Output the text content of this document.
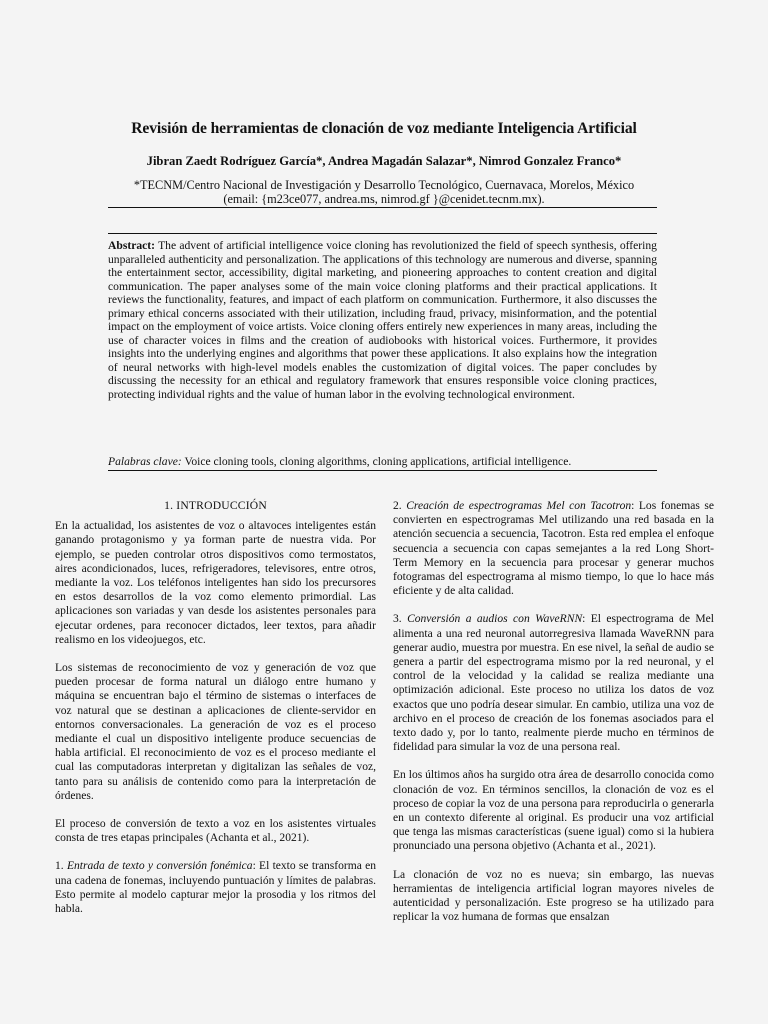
Revisión de herramientas de clonación de voz mediante Inteligencia Artificial
Jibran Zaedt Rodríguez García*, Andrea Magadán Salazar*, Nimrod Gonzalez Franco*
*TECNM/Centro Nacional de Investigación y Desarrollo Tecnológico, Cuernavaca, Morelos, México
(email: {m23ce077, andrea.ms, nimrod.gf }@cenidet.tecnm.mx).
Abstract: The advent of artificial intelligence voice cloning has revolutionized the field of speech synthesis, offering unparalleled authenticity and personalization. The applications of this technology are numerous and diverse, spanning the entertainment sector, accessibility, digital marketing, and pioneering approaches to content creation and digital communication. The paper analyses some of the main voice cloning platforms and their practical applications. It reviews the functionality, features, and impact of each platform on communication. Furthermore, it also discusses the primary ethical concerns associated with their utilization, including fraud, privacy, misinformation, and the potential impact on the employment of voice artists. Voice cloning offers entirely new experiences in many areas, including the use of character voices in films and the creation of audiobooks with historical voices. Furthermore, it provides insights into the underlying engines and algorithms that power these applications. It also explains how the integration of neural networks with high-level models enables the customization of digital voices. The paper concludes by discussing the necessity for an ethical and regulatory framework that ensures responsible voice cloning practices, protecting individual rights and the value of human labor in the evolving technological environment.
Palabras clave: Voice cloning tools, cloning algorithms, cloning applications, artificial intelligence.
1. INTRODUCCIÓN

En la actualidad, los asistentes de voz o altavoces inteligentes están ganando protagonismo y ya forman parte de nuestra vida. Por ejemplo, se pueden controlar otros dispositivos como termostatos, aires acondicionados, luces, refrigeradores, televisores, entre otros, mediante la voz. Los teléfonos inteligentes han sido los precursores en estos desarrollos de la voz como elemento primordial. Las aplicaciones son variadas y van desde los asistentes personales para ejecutar ordenes, para reconocer dictados, leer textos, para añadir realismo en los videojuegos, etc.

Los sistemas de reconocimiento de voz y generación de voz que pueden procesar de forma natural un diálogo entre humano y máquina se encuentran bajo el término de sistemas o interfaces de voz natural que se destinan a aplicaciones de cliente-servidor en entornos conversacionales. La generación de voz es el proceso mediante el cual un dispositivo inteligente produce secuencias de habla artificial. El reconocimiento de voz es el proceso mediante el cual las computadoras interpretan y digitalizan las señales de voz, tanto para su análisis de contenido como para la interpretación de órdenes.

El proceso de conversión de texto a voz en los asistentes virtuales consta de tres etapas principales (Achanta et al., 2021).

1. Entrada de texto y conversión fonémica: El texto se transforma en una cadena de fonemas, incluyendo puntuación y límites de palabras. Esto permite al modelo capturar mejor la prosodia y los ritmos del habla.

2. Creación de espectrogramas Mel con Tacotron: Los fonemas se convierten en espectrogramas Mel utilizando una red basada en la atención secuencia a secuencia, Tacotron. Esta red emplea el enfoque secuencia a secuencia con capas semejantes a la red Long Short-Term Memory en la secuencia para procesar y generar muchos fotogramas del espectrograma al mismo tiempo, lo que lo hace más eficiente y de alta calidad.

3. Conversión a audios con WaveRNN: El espectrograma de Mel alimenta a una red neuronal autorregresiva llamada WaveRNN para generar audio, muestra por muestra. En ese nivel, la señal de audio se genera a partir del espectrograma mismo por la red neuronal, y el control de la velocidad y la calidad se realiza mediante una optimización adicional. Este proceso no utiliza los datos de voz exactos que uno podría desear simular. En cambio, utiliza una voz de archivo en el proceso de creación de los fonemas asociados para el texto dado y, por lo tanto, realmente pierde mucho en términos de fidelidad para simular la voz de una persona real.

En los últimos años ha surgido otra área de desarrollo conocida como clonación de voz. En términos sencillos, la clonación de voz es el proceso de copiar la voz de una persona para reproducirla o generarla en un contexto diferente al original. Es producir una voz artificial que tenga las mismas características (suene igual) como si la hubiera pronunciado una persona objetivo (Achanta et al., 2021).

La clonación de voz no es nueva; sin embargo, las nuevas herramientas de inteligencia artificial logran mayores niveles de autenticidad y personalización. Este progreso se ha utilizado para replicar la voz humana de formas que ensalzan
